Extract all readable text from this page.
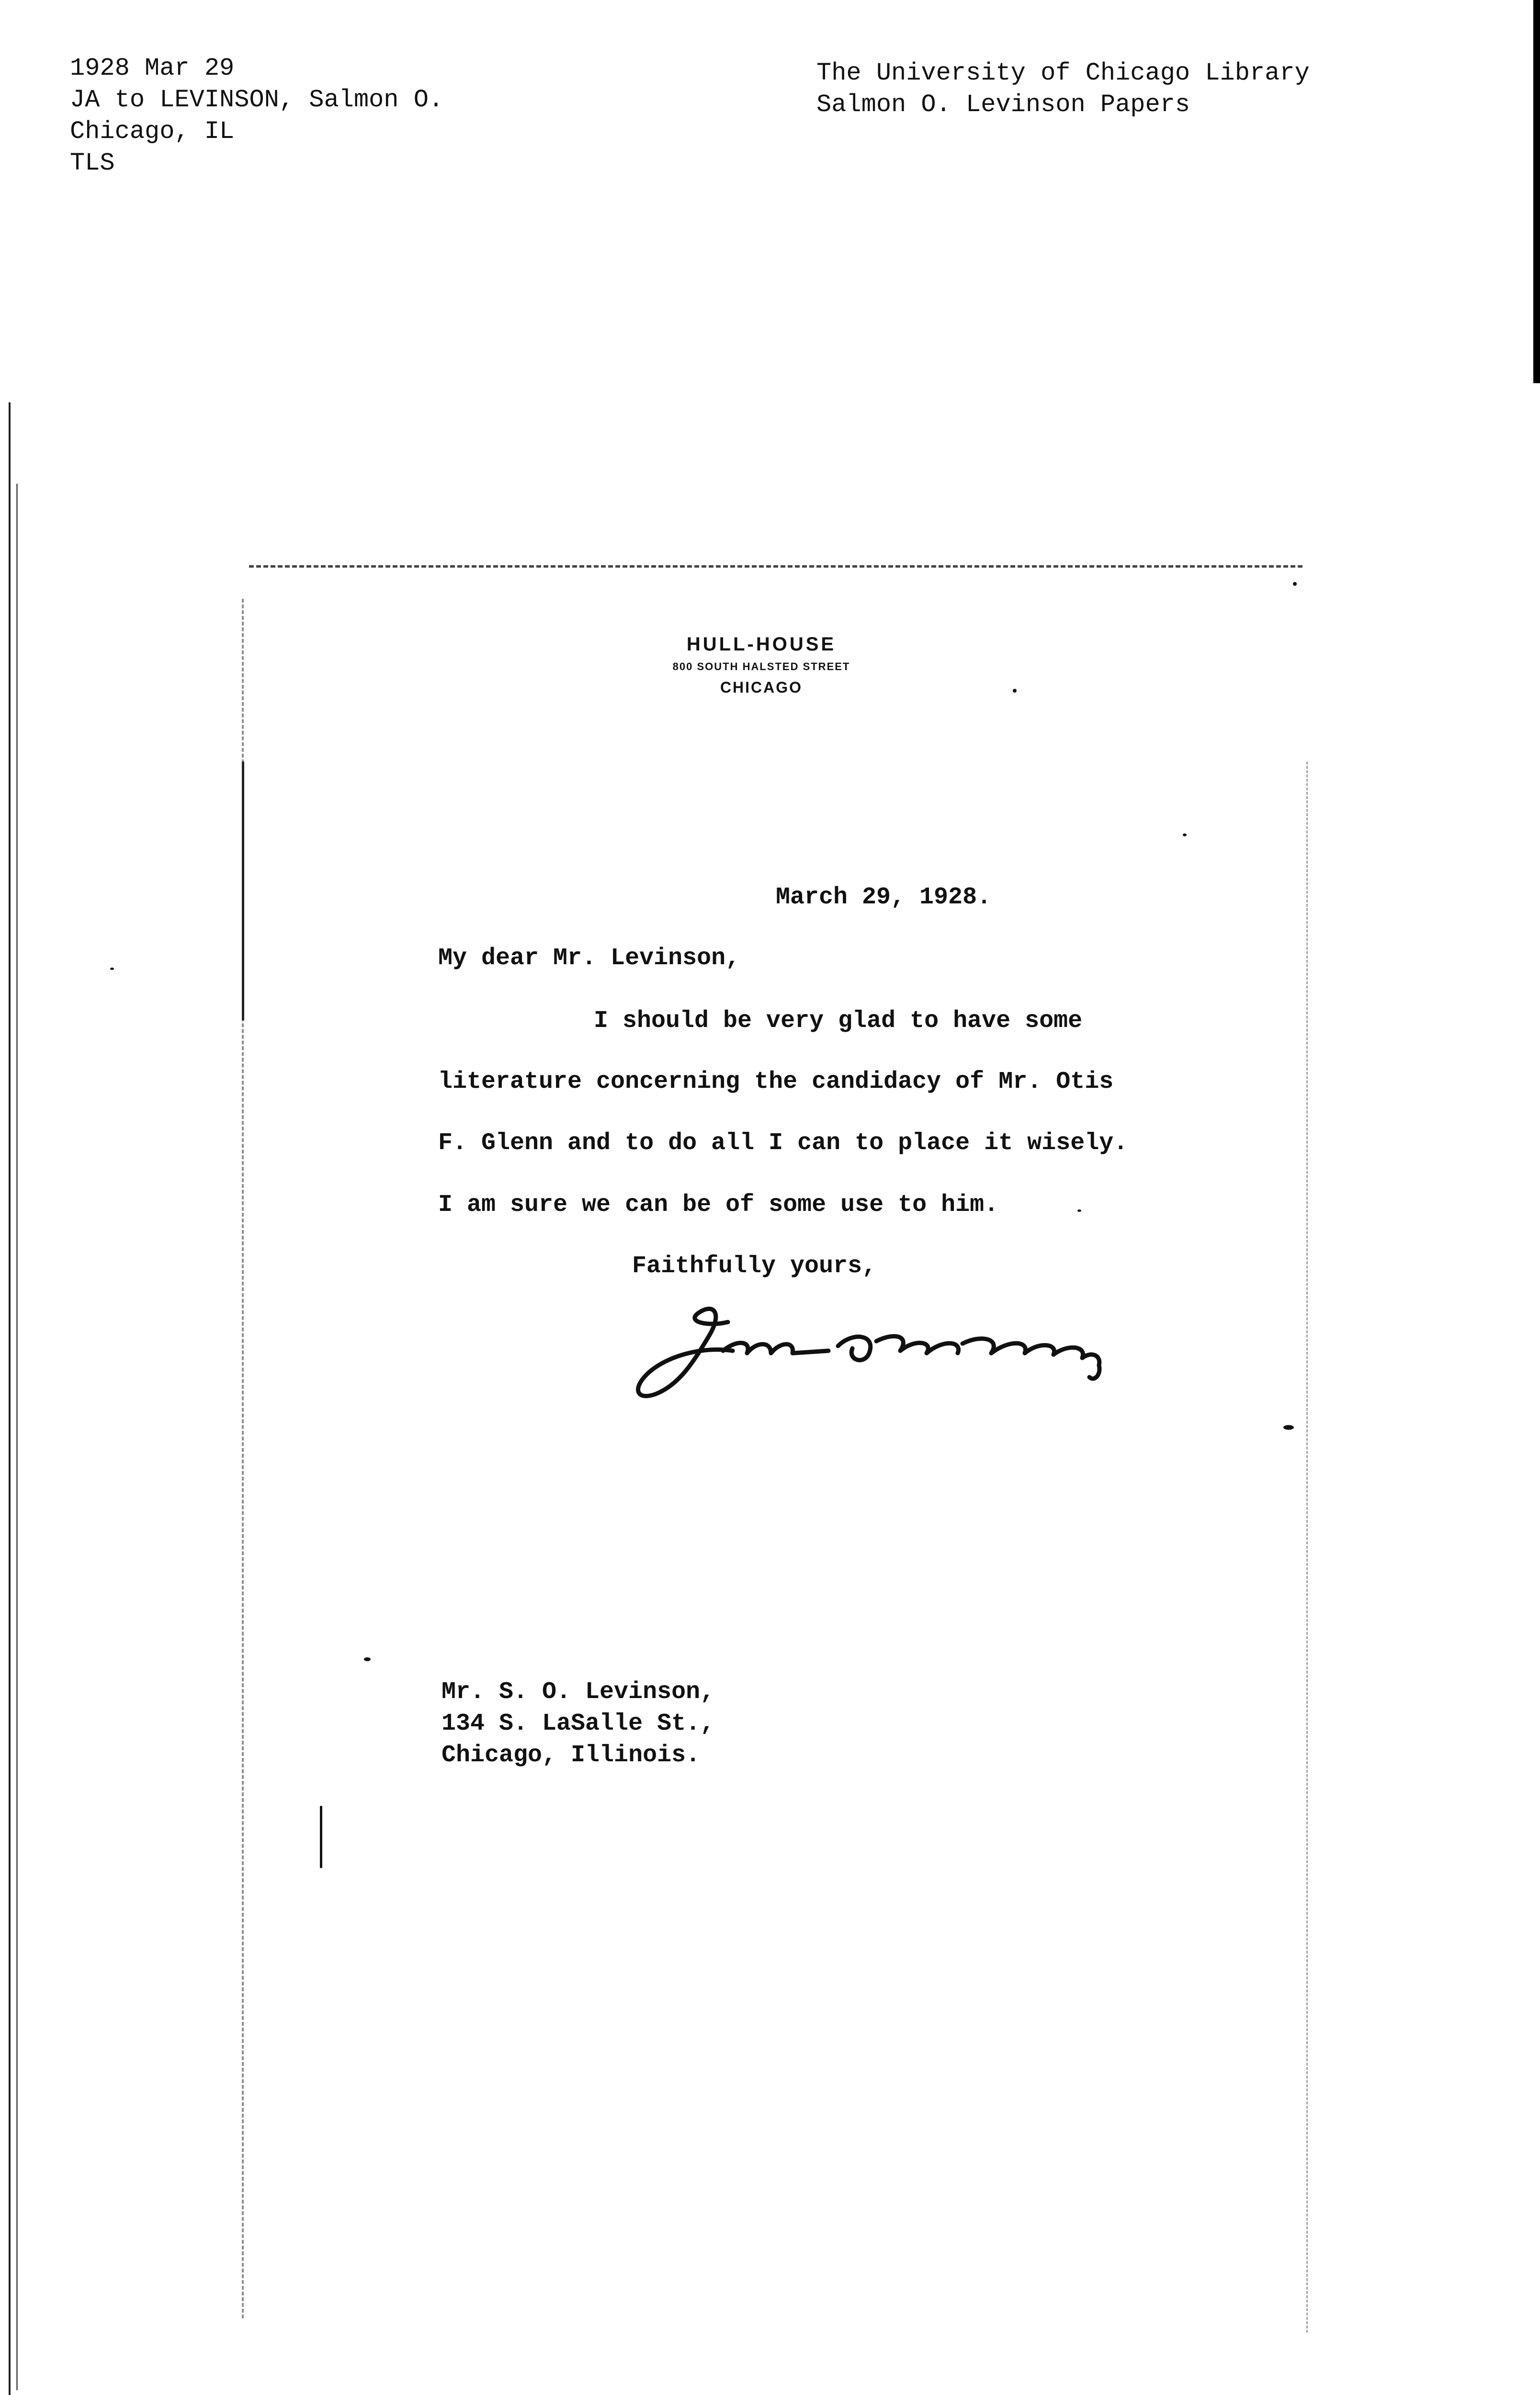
1928 Mar 29
JA to LEVINSON, Salmon O.
Chicago, IL
TLS
The University of Chicago Library
Salmon O. Levinson Papers
HULL-HOUSE
800 SOUTH HALSTED STREET
CHICAGO
March 29, 1928.
My dear Mr. Levinson,
I should be very glad to have some
literature concerning the candidacy of Mr. Otis
F. Glenn and to do all I can to place it wisely.
I am sure we can be of some use to him.
Faithfully yours,
Mr. S. O. Levinson,
134 S. LaSalle St.,
Chicago, Illinois.
